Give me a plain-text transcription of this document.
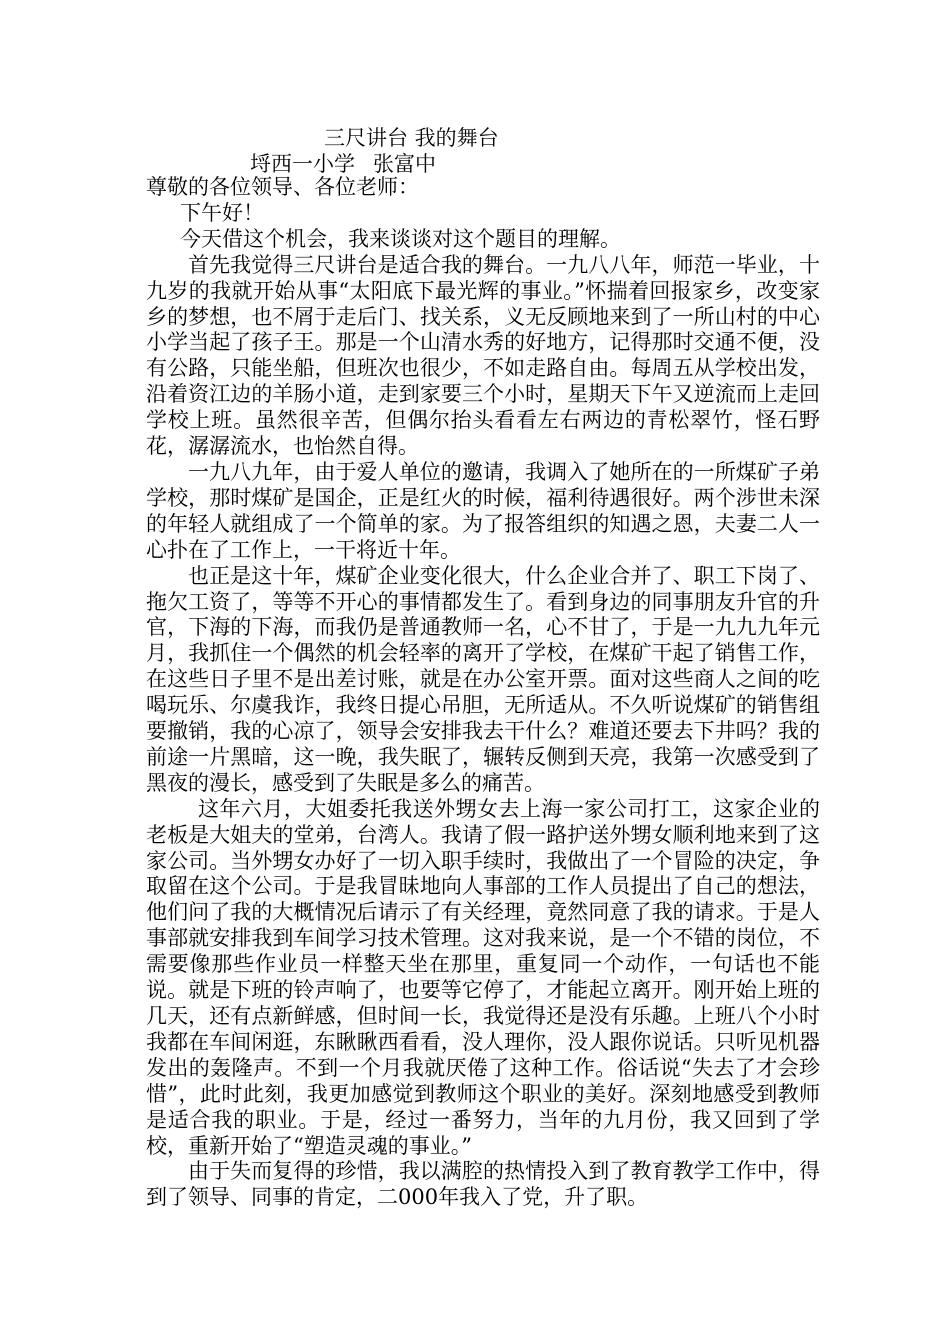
三尺讲台 我的舞台
埒西一小学 张富中

尊敬的各位领导、各位老师：

下午好！

今天借这个机会，我来谈谈对这个题目的理解。

首先我觉得三尺讲台是适合我的舞台。一九八八年，师范一毕业，十九岁的我就开始从事“太阳底下最光辉的事业。”怀揣着回报家乡，改变家乡的梦想，也不屑于走后门、找关系，义无反顾地来到了一所山村的中心小学当起了孩子王。那是一个山清水秀的好地方，记得那时交通不便，没有公路，只能坐船，但班次也很少，不如走路自由。每周五从学校出发，沿着资江边的羊肠小道，走到家要三个小时，星期天下午又逆流而上走回学校上班。虽然很辛苦，但偶尔抬头看看左右两边的青松翠竹，怪石野花，潺潺流水，也怡然自得。

一九八九年，由于爱人单位的邀请，我调入了她所在的一所煤矿子弟学校，那时煤矿是国企，正是红火的时候，福利待遇很好。两个涉世未深的年轻人就组成了一个简单的家。为了报答组织的知遇之恩，夫妻二人一心扑在了工作上，一干将近十年。

也正是这十年，煤矿企业变化很大，什么企业合并了、职工下岗了、拖欠工资了，等等不开心的事情都发生了。看到身边的同事朋友升官的升官，下海的下海，而我仍是普通教师一名，心不甘了，于是一九九九年元月，我抓住一个偶然的机会轻率的离开了学校，在煤矿干起了销售工作，在这些日子里不是出差讨账，就是在办公室开票。面对这些商人之间的吃喝玩乐、尔虞我诈，我终日提心吊胆，无所适从。不久听说煤矿的销售组要撤销，我的心凉了，领导会安排我去干什么？难道还要去下井吗？我的前途一片黑暗，这一晚，我失眠了，辗转反侧到天亮，我第一次感受到了黑夜的漫长，感受到了失眠是多么的痛苦。

这年六月，大姐委托我送外甥女去上海一家公司打工，这家企业的老板是大姐夫的堂弟，台湾人。我请了假一路护送外甥女顺利地来到了这家公司。当外甥女办好了一切入职手续时，我做出了一个冒险的决定，争取留在这个公司。于是我冒昧地向人事部的工作人员提出了自己的想法，他们问了我的大概情况后请示了有关经理，竟然同意了我的请求。于是人事部就安排我到车间学习技术管理。这对我来说，是一个不错的岗位，不需要像那些作业员一样整天坐在那里，重复同一个动作，一句话也不能说。就是下班的铃声响了，也要等它停了，才能起立离开。刚开始上班的几天，还有点新鲜感，但时间一长，我觉得还是没有乐趣。上班八个小时我都在车间闲逛，东瞅瞅西看看，没人理你，没人跟你说话。只听见机器发出的轰隆声。不到一个月我就厌倦了这种工作。俗话说“失去了才会珍惜”，此时此刻，我更加感觉到教师这个职业的美好。深刻地感受到教师是适合我的职业。于是，经过一番努力，当年的九月份，我又回到了学校，重新开始了“塑造灵魂的事业。”

由于失而复得的珍惜，我以满腔的热情投入到了教育教学工作中，得到了领导、同事的肯定，二000年我入了党，升了职。
